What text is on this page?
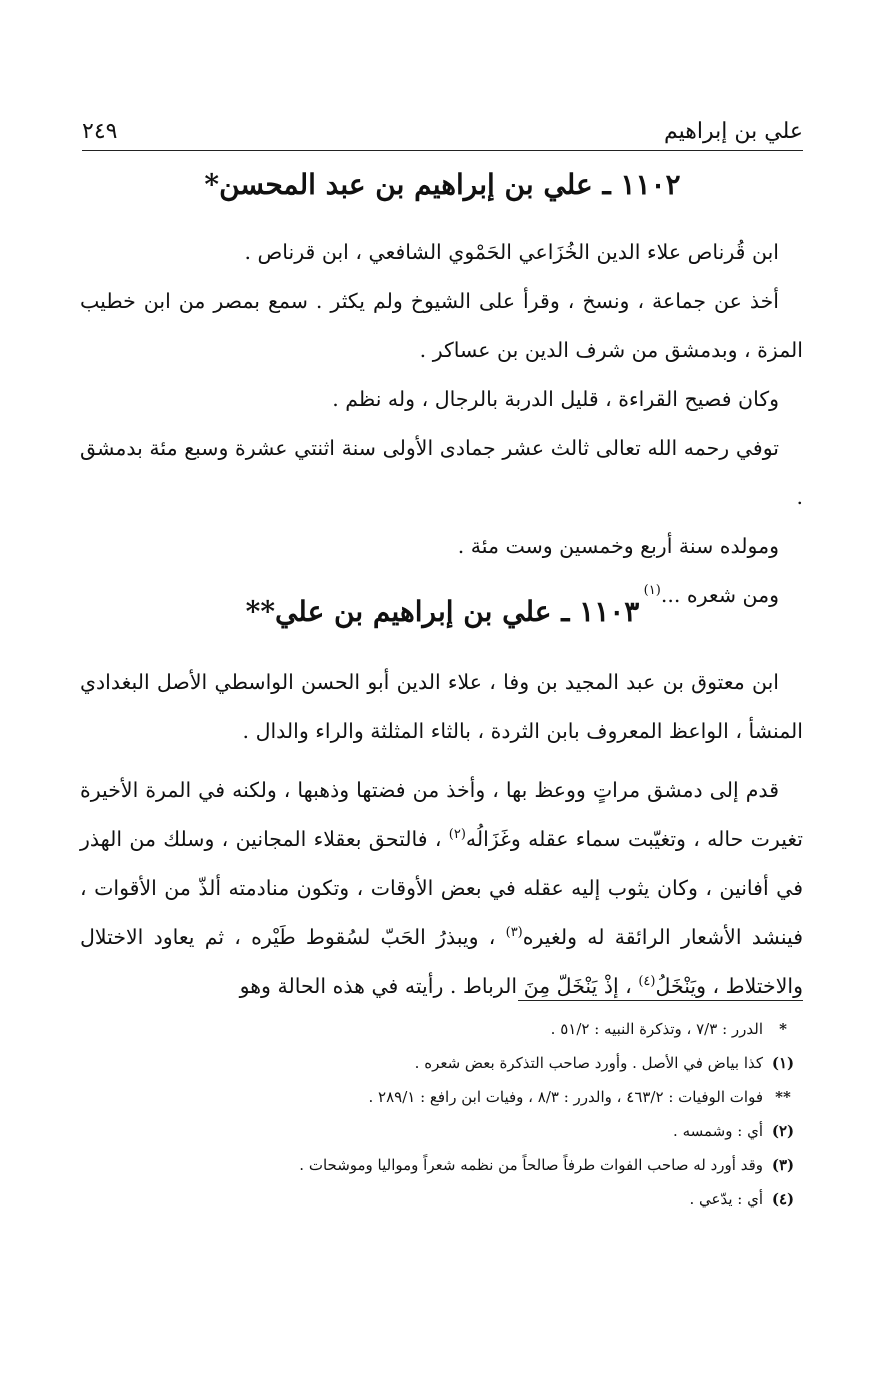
علي بن إبراهيم
٢٤٩
١١٠٢ ـ علي بن إبراهيم بن عبد المحسن*

ابن قُرناص علاء الدين الخُزَاعي الحَمْوي الشافعي ، ابن قرناص .

أخذ عن جماعة ، ونسخ ، وقرأ على الشيوخ ولم يكثر . سمع بمصر من ابن خطيب المزة ، وبدمشق من شرف الدين بن عساكر .

وكان فصيح القراءة ، قليل الدربة بالرجال ، وله نظم .

توفي رحمه الله تعالى ثالث عشر جمادى الأولى سنة اثنتي عشرة وسبع مئة بدمشق .

ومولده سنة أربع وخمسين وست مئة .

ومن شعره ...$^{(١)}$

١١٠٣ ـ علي بن إبراهيم بن علي**

ابن معتوق بن عبد المجيد بن وفا ، علاء الدين أبو الحسن الواسطي الأصل البغدادي المنشأ ، الواعظ المعروف بابن الثردة ، بالثاء المثلثة والراء والدال .

قدم إلى دمشق مراتٍ ووعظ بها ، وأخذ من فضتها وذهبها ، ولكنه في المرة الأخيرة تغيرت حاله ، وتغيّبت سماء عقله وغَزَالُه$^{(٢)}$ ، فالتحق بعقلاء المجانين ، وسلك من الهذر في أفانين ، وكان يثوب إليه عقله في بعض الأوقات ، وتكون منادمته ألذّ من الأقوات ، فينشد الأشعار الرائقة له ولغيره$^{(٣)}$ ، ويبذرُ الحَبّ لسُقوط طَيْره ، ثم يعاود الاختلال والاختلاط ، ويَنْخَلُ$^{(٤)}$ ، إذْ يَنْخَلّ مِنَ الرباط . رأيته في هذه الحالة وهو

*
الدرر : ٧/٣ ، وتذكرة النبيه : ٥١/٢ .
(١)
كذا بياض في الأصل . وأورد صاحب التذكرة بعض شعره .
**
فوات الوفيات : ٤٦٣/٢ ، والدرر : ٨/٣ ، وفيات ابن رافع : ٢٨٩/١ .
(٢)
أي : وشمسه .
(٣)
وقد أورد له صاحب الفوات طرفاً صالحاً من نظمه شعراً ومواليا وموشحات .
(٤)
أي : يدّعي .
